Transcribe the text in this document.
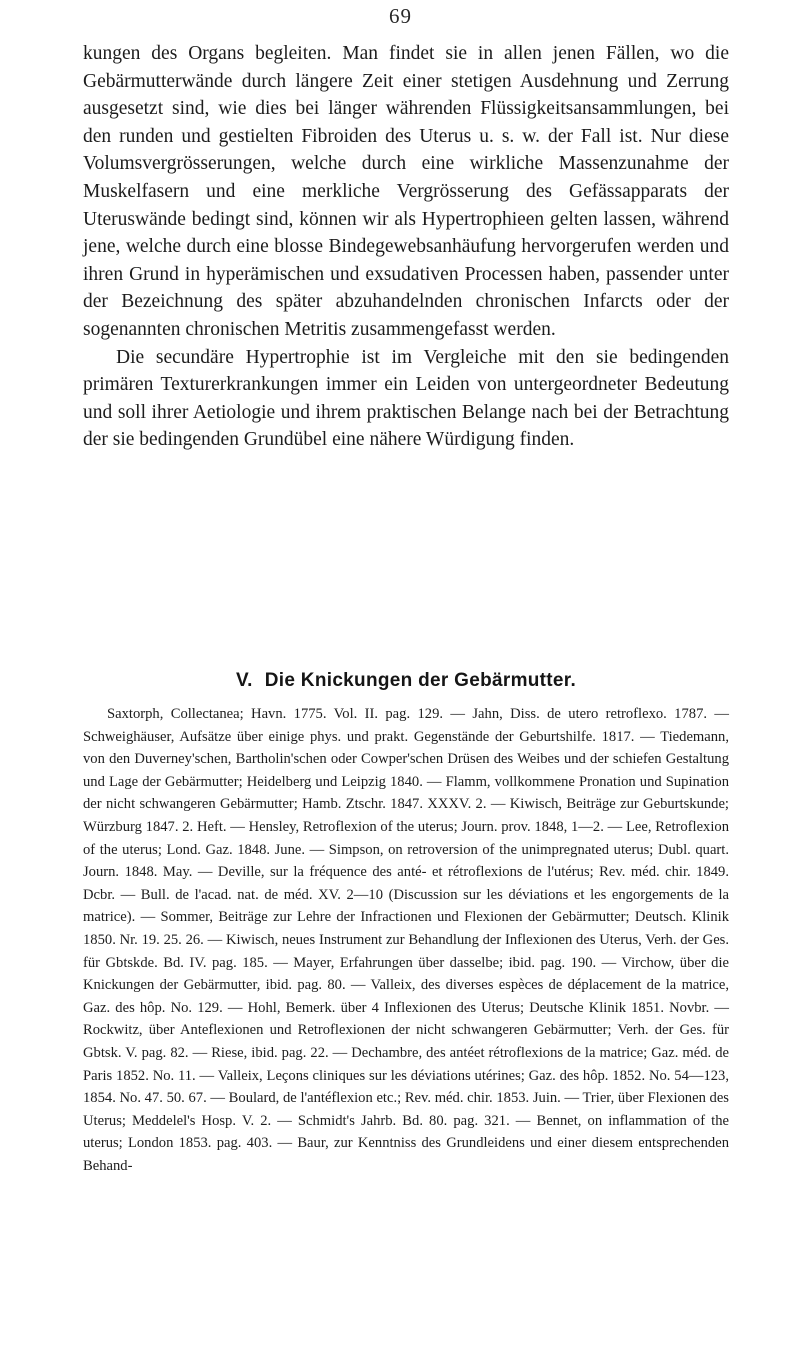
69

kungen des Organs begleiten. Man findet sie in allen jenen Fällen, wo die Gebärmutterwände durch längere Zeit einer stetigen Ausdehnung und Zerrung ausgesetzt sind, wie dies bei länger währenden Flüssigkeitsansammlungen, bei den runden und gestielten Fibroiden des Uterus u. s. w. der Fall ist. Nur diese Volumsvergrösserungen, welche durch eine wirkliche Massenzunahme der Muskelfasern und eine merkliche Vergrösserung des Gefässapparats der Uteruswände bedingt sind, können wir als Hypertrophieen gelten lassen, während jene, welche durch eine blosse Bindegewebsanhäufung hervorgerufen werden und ihren Grund in hyperämischen und exsudativen Processen haben, passender unter der Bezeichnung des später abzuhandelnden chronischen Infarcts oder der sogenannten chronischen Metritis zusammengefasst werden.

Die secundäre Hypertrophie ist im Vergleiche mit den sie bedingenden primären Texturerkrankungen immer ein Leiden von untergeordneter Bedeutung und soll ihrer Aetiologie und ihrem praktischen Belange nach bei der Betrachtung der sie bedingenden Grundübel eine nähere Würdigung finden.

V. Die Knickungen der Gebärmutter.

Saxtorph, Collectanea; Havn. 1775. Vol. II. pag. 129. — Jahn, Diss. de utero retroflexo. 1787. — Schweighäuser, Aufsätze über einige phys. und prakt. Gegenstände der Geburtshilfe. 1817. — Tiedemann, von den Duverney'schen, Bartholin'schen oder Cowper'schen Drüsen des Weibes und der schiefen Gestaltung und Lage der Gebärmutter; Heidelberg und Leipzig 1840. — Flamm, vollkommene Pronation und Supination der nicht schwangeren Gebärmutter; Hamb. Ztschr. 1847. XXXV. 2. — Kiwisch, Beiträge zur Geburtskunde; Würzburg 1847. 2. Heft. — Hensley, Retroflexion of the uterus; Journ. prov. 1848, 1—2. — Lee, Retroflexion of the uterus; Lond. Gaz. 1848. June. — Simpson, on retroversion of the unimpregnated uterus; Dubl. quart. Journ. 1848. May. — Deville, sur la fréquence des anté- et rétroflexions de l'utérus; Rev. méd. chir. 1849. Dcbr. — Bull. de l'acad. nat. de méd. XV. 2—10 (Discussion sur les déviations et les engorgements de la matrice). — Sommer, Beiträge zur Lehre der Infractionen und Flexionen der Gebärmutter; Deutsch. Klinik 1850. Nr. 19. 25. 26. — Kiwisch, neues Instrument zur Behandlung der Inflexionen des Uterus, Verh. der Ges. für Gbtskde. Bd. IV. pag. 185. — Mayer, Erfahrungen über dasselbe; ibid. pag. 190. — Virchow, über die Knickungen der Gebärmutter, ibid. pag. 80. — Valleix, des diverses espèces de déplacement de la matrice, Gaz. des hôp. No. 129. — Hohl, Bemerk. über 4 Inflexionen des Uterus; Deutsche Klinik 1851. Novbr. — Rockwitz, über Anteflexionen und Retroflexionen der nicht schwangeren Gebärmutter; Verh. der Ges. für Gbtsk. V. pag. 82. — Riese, ibid. pag. 22. — Dechambre, des antéet rétroflexions de la matrice; Gaz. méd. de Paris 1852. No. 11. — Valleix, Leçons cliniques sur les déviations utérines; Gaz. des hôp. 1852. No. 54—123, 1854. No. 47. 50. 67. — Boulard, de l'antéflexion etc.; Rev. méd. chir. 1853. Juin. — Trier, über Flexionen des Uterus; Meddelel's Hosp. V. 2. — Schmidt's Jahrb. Bd. 80. pag. 321. — Bennet, on inflammation of the uterus; London 1853. pag. 403. — Baur, zur Kenntniss des Grundleidens und einer diesem entsprechenden Behand-
